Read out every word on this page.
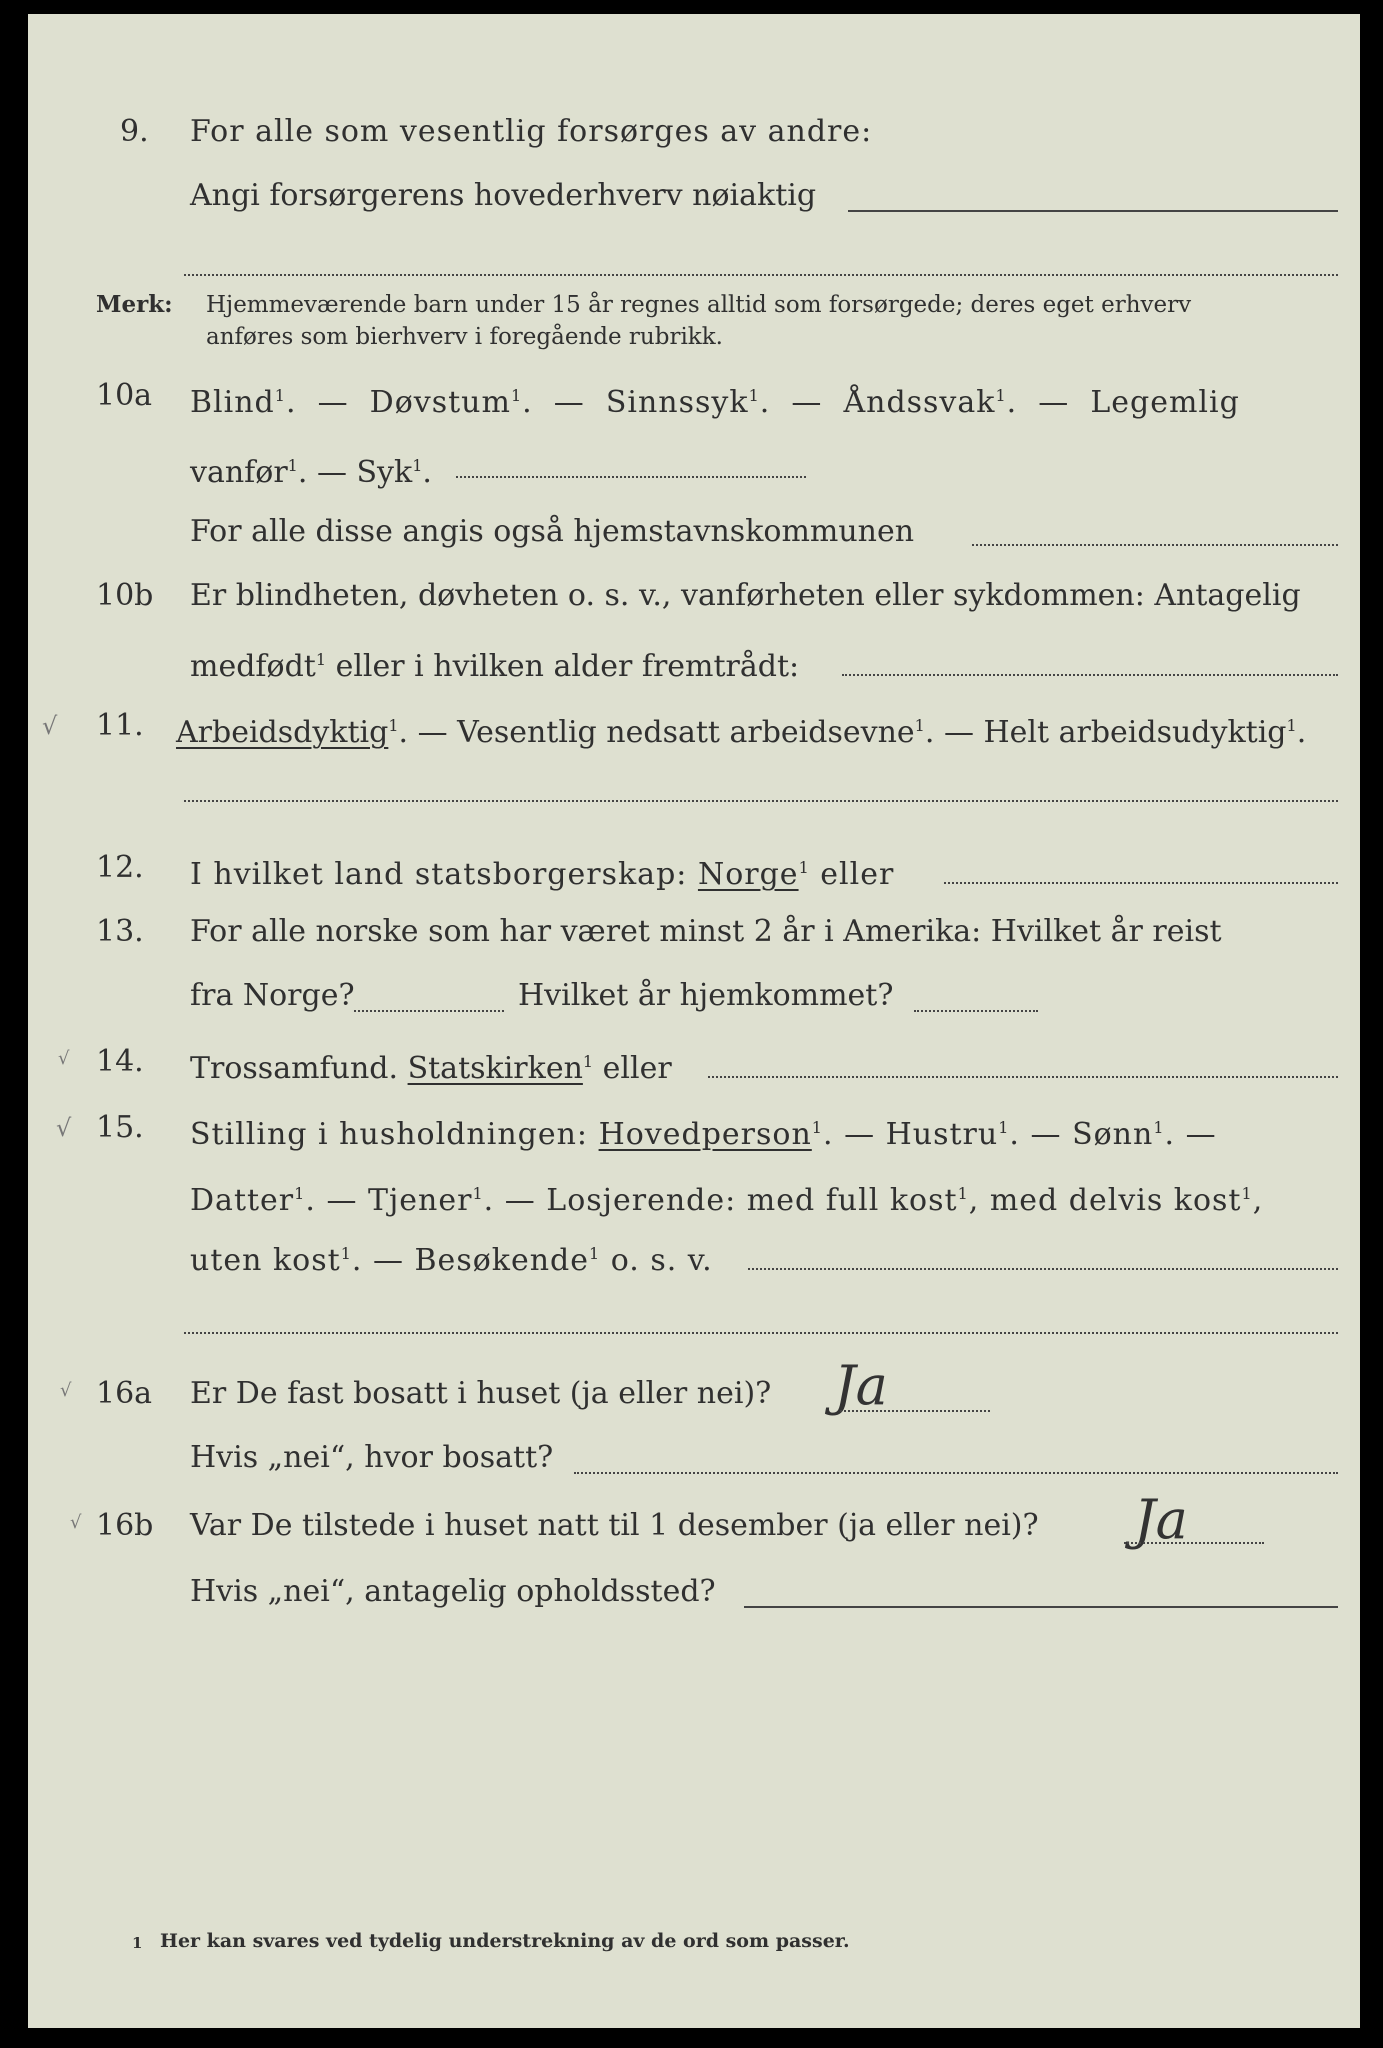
9. For alle som vesentlig forsørges av andre:
Angi forsørgerens hovederhverv nøiaktig
Merk: Hjemmeværende barn under 15 år regnes alltid som forsørgede; deres eget erhverv
anføres som bierhverv i foregående rubrikk.
10a Blind$^1$. — Døvstum$^1$. — Sinnssyk$^1$. — Åndssvak$^1$. — Legemlig
vanfør$^1$. — Syk$^1$.
For alle disse angis også hjemstavnskommunen
10b Er blindheten, døvheten o. s. v., vanførheten eller sykdommen: Antagelig
medfødt$^1$ eller i hvilken alder fremtrådt:
√ 11. Arbeidsdyktig$^1$. — Vesentlig nedsatt arbeidsevne$^1$. — Helt arbeidsudyktig$^1$.
12. I hvilket land statsborgerskap: Norge$^1$ eller
13. For alle norske som har været minst 2 år i Amerika: Hvilket år reist
fra Norge?	Hvilket år hjemkommet?
√ 14. Trossamfund. Statskirken$^1$ eller
√ 15. Stilling i husholdningen: Hovedperson$^1$. — Hustru$^1$. — Sønn$^1$. —
Datter$^1$. — Tjener$^1$. — Losjerende: med full kost$^1$, med delvis kost$^1$,
uten kost$^1$. — Besøkende$^1$ o. s. v.
√ 16a Er De fast bosatt i huset (ja eller nei)? Ja
Hvis „nei“, hvor bosatt?
√ 16b Var De tilstede i huset natt til 1 desember (ja eller nei)? Ja
Hvis „nei“, antagelig opholdssted?
1 Her kan svares ved tydelig understrekning av de ord som passer.
